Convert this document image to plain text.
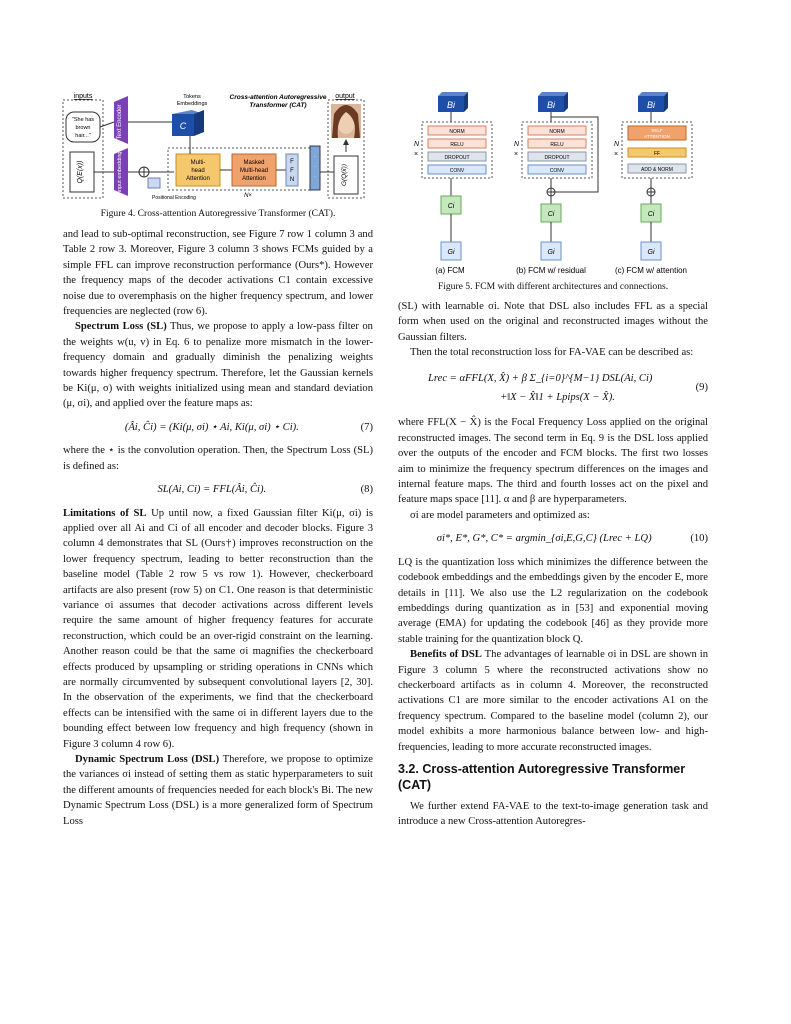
inputs
"She has
brown
hair..."
Q(E(x))
Text Encoder
Input embedding
Tokens
Embeddings
Cross-attention Autoregressive
Transformer (CAT)
C
Multi-
head
Attention
Masked
Multi-head
Attention
F
F
N
·
·
·
Positional Encoding	N×
output
G(Q(x̂))
Figure 4. Cross-attention Autoregressive Transformer (CAT).
Bi
NORM
RELU
DROPOUT
CONV
N
×
Ci
Gi
Bi
NORM
RELU
DROPOUT
CONV
N
×
Ci
Gi
Bi
SELF
ATTENTION
FF
ADD & NORM
N
×
Ci
Gi
(a) FCM	(b) FCM w/ residual	(c) FCM w/ attention
Figure 5. FCM with different architectures and connections.

and lead to sub-optimal reconstruction, see Figure 7 row 1 column 3 and Table 2 row 3. Moreover, Figure 3 column 3 shows FCMs guided by a simple FFL can improve reconstruction performance (Ours*). However the frequency maps of the decoder activations C1 contain excessive noise due to overemphasis on the higher frequency spectrum, and lower frequencies are neglected (row 6).

Spectrum Loss (SL) Thus, we propose to apply a low-pass filter on the weights w(u, v) in Eq. 6 to penalize more mismatch in the lower-frequency domain and gradually diminish the penalizing weights towards higher frequency spectrum. Therefore, let the Gaussian kernels be Ki(μ, σ) with weights initialized using mean and standard deviation (μ, σi), and applied over the feature maps as:

(Âi, Ĉi) = (Ki(μ, σi) ⋆ Ai, Ki(μ, σi) ⋆ Ci).	(7)

where the ⋆ is the convolution operation. Then, the Spectrum Loss (SL) is defined as:

SL(Ai, Ci) = FFL(Âi, Ĉi).	(8)

Limitations of SL Up until now, a fixed Gaussian filter Ki(μ, σi) is applied over all Ai and Ci of all encoder and decoder blocks. Figure 3 column 4 demonstrates that SL (Ours†) improves reconstruction on the lower frequency spectrum, leading to better reconstruction than the baseline model (Table 2 row 5 vs row 1). However, checkerboard artifacts are also present (row 5) on C1. One reason is that deterministic variance σi assumes that decoder activations across different levels require the same amount of higher frequency features for accurate reconstruction, which could be an over-rigid constraint on the learning. Another reason could be that the same σi magnifies the checkerboard effects produced by upsampling or striding operations in CNNs which are normally circumvented by subsequent convolutional layers [2, 30]. In the observation of the experiments, we find that the checkerboard effects can be intensified with the same σi in different layers due to the bounding effect between low frequency and high frequency (shown in Figure 3 column 4 row 6).

Dynamic Spectrum Loss (DSL) Therefore, we propose to optimize the variances σi instead of setting them as static hyperparameters to suit the different amounts of frequencies needed for each block's Bi. The new Dynamic Spectrum Loss (DSL) is a more generalized form of Spectrum Loss

(SL) with learnable σi. Note that DSL also includes FFL as a special form when used on the original and reconstructed images without the Gaussian filters.

Then the total reconstruction loss for FA-VAE can be described as:

Lrec = αFFL(X, X̂) + β Σ_{i=0}^{M−1} DSL(Ai, Ci)
+‖X − X̂‖1 + Lpips(X − X̂).
(9)

where FFL(X − X̂) is the Focal Frequency Loss applied on the original reconstructed images. The second term in Eq. 9 is the DSL loss applied over the outputs of the encoder and FCM blocks. The first two losses aim to minimize the frequency spectrum differences on the images and internal feature maps. The third and fourth losses act on the pixel and feature maps space [11]. α and β are hyperparameters.

σi are model parameters and optimized as:

σi*, E*, G*, C* = argmin_{σi,E,G,C} (Lrec + LQ)	(10)

LQ is the quantization loss which minimizes the difference between the codebook embeddings and the embeddings given by the encoder E, more details in [11]. We also use the L2 regularization on the codebook embeddings during quantization as in [53] and exponential moving average (EMA) for updating the codebook [46] as they provide more stable training for the quantization block Q.

Benefits of DSL The advantages of learnable σi in DSL are shown in Figure 3 column 5 where the reconstructed activations show no checkerboard artifacts as in column 4. Moreover, the reconstructed activations C1 are more similar to the encoder activations A1 on the frequency spectrum. Compared to the baseline model (column 2), our model exhibits a more harmonious balance between low- and high-frequencies, leading to more accurate reconstructed images.

3.2. Cross-attention Autoregressive Transformer (CAT)

We further extend FA-VAE to the text-to-image generation task and introduce a new Cross-attention Autoregres-
